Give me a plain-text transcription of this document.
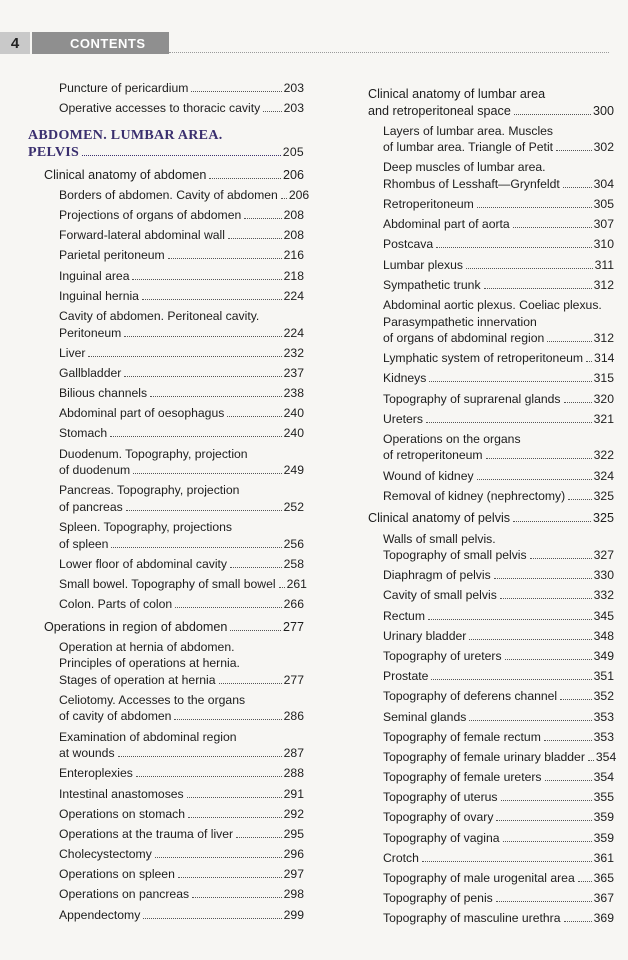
4	CONTENTS
Puncture of pericardium	203
Operative accesses to thoracic cavity 203
ABDOMEN. LUMBAR AREA.
PELVIS	205
Clinical anatomy of abdomen	206
Borders of abdomen. Cavity of abdomen 206
Projections of organs of abdomen	208
Forward-lateral abdominal wall	208
Parietal peritoneum	216
Inguinal area	218
Inguinal hernia	224
Cavity of abdomen. Peritoneal cavity.
Peritoneum	224
Liver	232
Gallbladder	237
Bilious channels	238
Abdominal part of oesophagus	240
Stomach	240
Duodenum. Topography, projection
of duodenum	249
Pancreas. Topography, projection
of pancreas	252
Spleen. Topography, projections
of spleen	256
Lower floor of abdominal cavity	258
Small bowel. Topography of small bowel 261
Colon. Parts of colon	266
Operations in region of abdomen	277
Operation at hernia of abdomen.
Principles of operations at hernia.
Stages of operation at hernia	277
Celiotomy. Accesses to the organs
of cavity of abdomen	286
Examination of abdominal region
at wounds	287
Enteroplexies	288
Intestinal anastomoses	291
Operations on stomach	292
Operations at the trauma of liver	295
Cholecystectomy	296
Operations on spleen	297
Operations on pancreas	298
Appendectomy	299
Clinical anatomy of lumbar area
and retroperitoneal space	300
Layers of lumbar area. Muscles
of lumbar area. Triangle of Petit	302
Deep muscles of lumbar area.
Rhombus of Lesshaft—Grynfeldt	304
Retroperitoneum	305
Abdominal part of aorta	307
Postcava	310
Lumbar plexus	311
Sympathetic trunk	312
Abdominal aortic plexus. Coeliac plexus.
Parasympathetic innervation
of organs of abdominal region	312
Lymphatic system of retroperitoneum 314
Kidneys	315
Topography of suprarenal glands	320
Ureters	321
Operations on the organs
of retroperitoneum	322
Wound of kidney	324
Removal of kidney (nephrectomy) 325
Clinical anatomy of pelvis	325
Walls of small pelvis.
Topography of small pelvis	327
Diaphragm of pelvis	330
Cavity of small pelvis	332
Rectum	345
Urinary bladder	348
Topography of ureters	349
Prostate	351
Topography of deferens channel	352
Seminal glands	353
Topography of female rectum	353
Topography of female urinary bladder 354
Topography of female ureters	354
Topography of uterus	355
Topography of ovary	359
Topography of vagina	359
Crotch	361
Topography of male urogenital area 365
Topography of penis	367
Topography of masculine urethra	369
